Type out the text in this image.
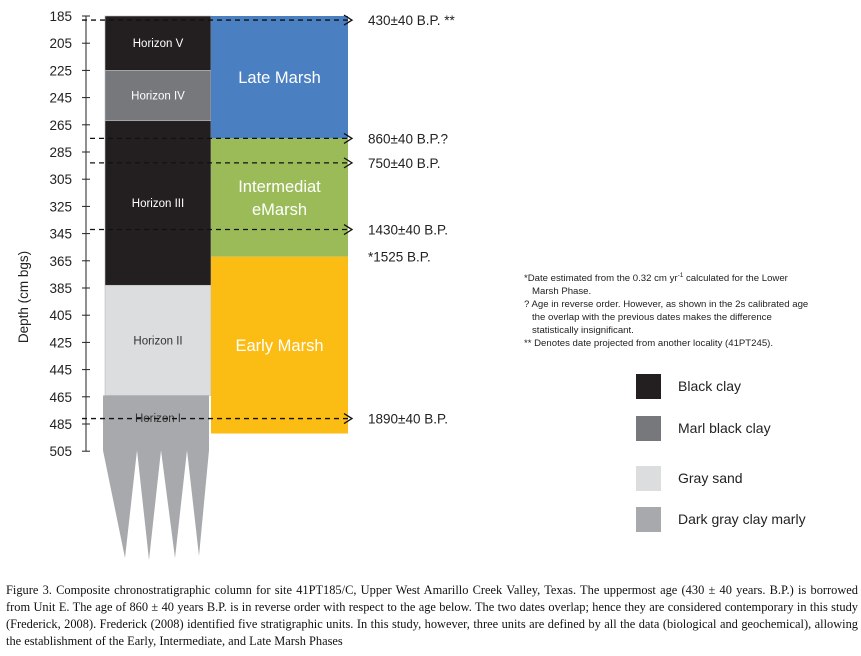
185
205
225
245
265
285
305
325
345
365
385
405
425
445
465
485
505
Depth (cm bgs)
Horizon V
Horizon IV
Horizon III
Horizon II
Horizon I
Late Marsh
Intermediat
eMarsh
Early Marsh
430±40 B.P. **
860±40 B.P.?
750±40 B.P.
1430±40 B.P.
*1525 B.P.
1890±40 B.P.
Black clay
Marl black clay
Gray sand
Dark gray clay marly

*Date estimated from the 0.32 cm $yr^{-1}$ calculated for the Lower

Marsh Phase.

? Age in reverse order. However, as shown in the 2s calibrated age

the overlap with the previous dates makes the difference

statistically insignificant.

** Denotes date projected from another locality (41PT245).

Figure 3. Composite chronostratigraphic column for site 41PT185/C, Upper West Amarillo Creek Valley, Texas. The uppermost age (430 ± 40 years. B.P.) is borrowed from Unit E. The age of 860 ± 40 years B.P. is in reverse order with respect to the age below. The two dates overlap; hence they are considered contemporary in this study (Frederick, 2008). Frederick (2008) identified five stratigraphic units. In this study, however, three units are defined by all the data (biological and geochemical), allowing the establishment of the Early, Intermediate, and Late Marsh Phases
